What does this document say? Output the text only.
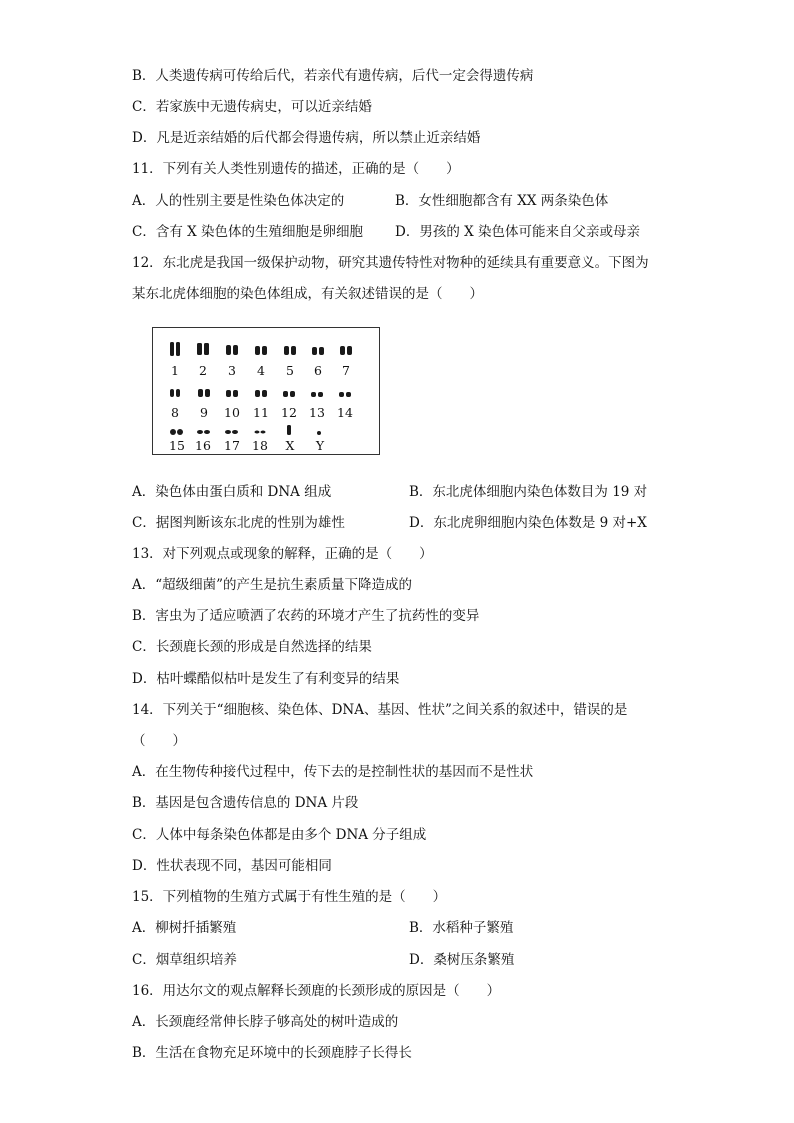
B．人类遗传病可传给后代，若亲代有遗传病，后代一定会得遗传病
C．若家族中无遗传病史，可以近亲结婚
D．凡是近亲结婚的后代都会得遗传病，所以禁止近亲结婚
11．下列有关人类性别遗传的描述，正确的是（　　）
A．人的性别主要是性染色体决定的	B．女性细胞都含有 XX 两条染色体
C．含有 X 染色体的生殖细胞是卵细胞 D．男孩的 X 染色体可能来自父亲或母亲
12．东北虎是我国一级保护动物，研究其遗传特性对物种的延续具有重要意义。下图为
某东北虎体细胞的染色体组成，有关叙述错误的是（　　）
1	2	3	4	5	6	7
8	9	10 11 12 13 14
15 16 17 18	X	Y
A．染色体由蛋白质和 DNA 组成	B．东北虎体细胞内染色体数目为 19 对
C．据图判断该东北虎的性别为雄性	D．东北虎卵细胞内染色体数是 9 对+X
13．对下列观点或现象的解释，正确的是（　　）
A．“超级细菌”的产生是抗生素质量下降造成的
B．害虫为了适应喷洒了农药的环境才产生了抗药性的变异
C．长颈鹿长颈的形成是自然选择的结果
D．枯叶蝶酷似枯叶是发生了有利变异的结果
14．下列关于“细胞核、染色体、DNA、基因、性状”之间关系的叙述中，错误的是
（　　）
A．在生物传种接代过程中，传下去的是控制性状的基因而不是性状
B．基因是包含遗传信息的 DNA 片段
C．人体中每条染色体都是由多个 DNA 分子组成
D．性状表现不同，基因可能相同
15．下列植物的生殖方式属于有性生殖的是（　　）
A．柳树扦插繁殖	B．水稻种子繁殖
C．烟草组织培养	D．桑树压条繁殖
16．用达尔文的观点解释长颈鹿的长颈形成的原因是（　　）
A．长颈鹿经常伸长脖子够高处的树叶造成的
B．生活在食物充足环境中的长颈鹿脖子长得长
